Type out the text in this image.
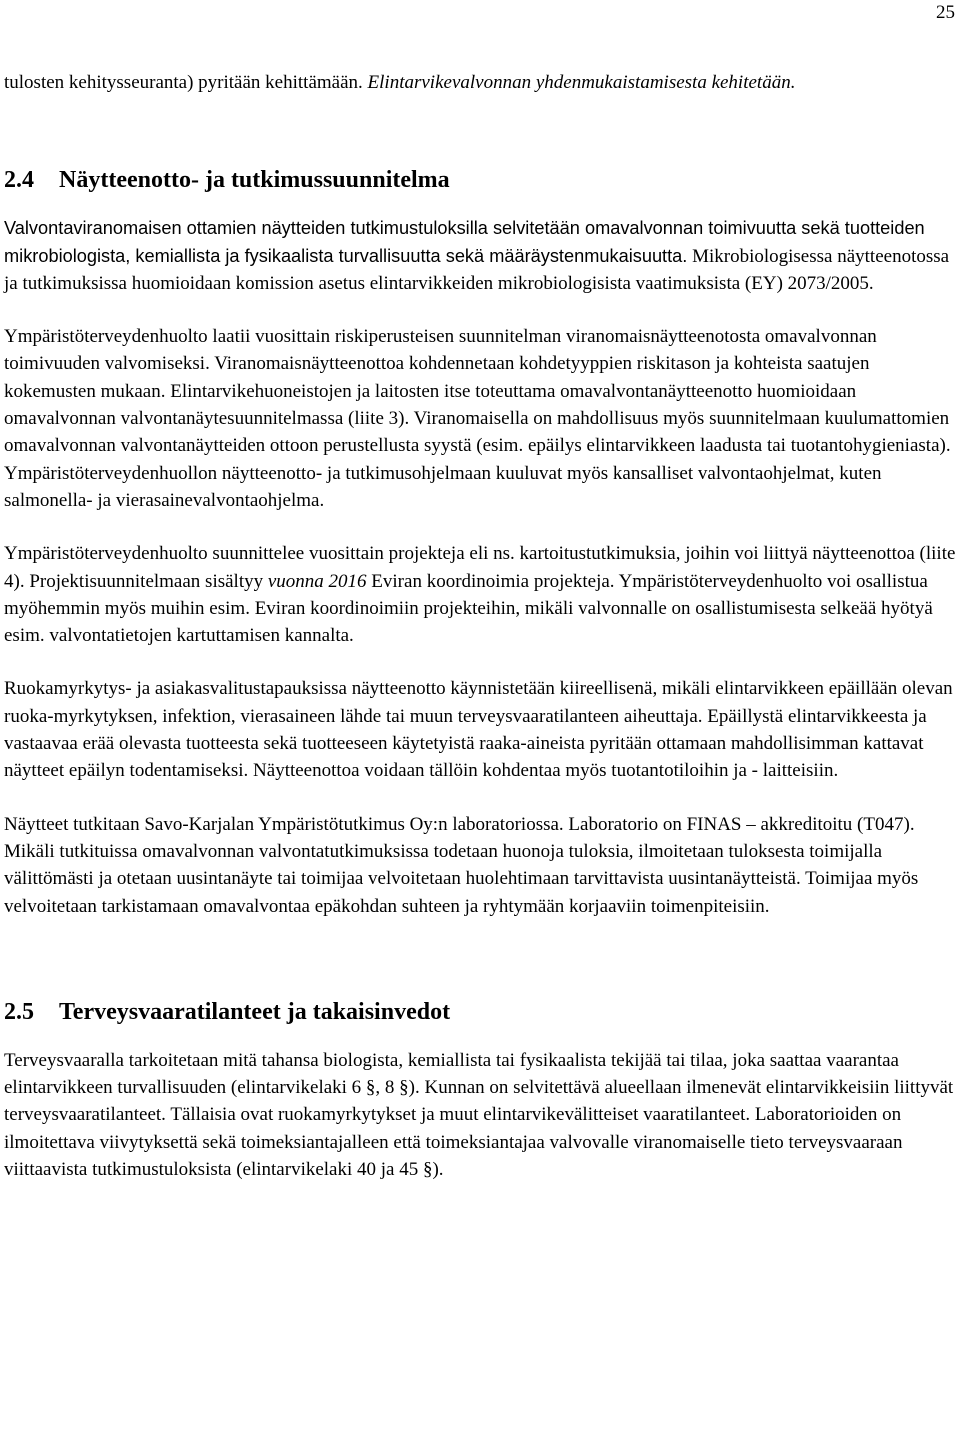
25

tulosten kehitysseuranta) pyritään kehittämään. Elintarvikevalvonnan yhdenmukaistamisesta kehitetään.

2.4 Näytteenotto- ja tutkimussuunnitelma

Valvontaviranomaisen ottamien näytteiden tutkimustuloksilla selvitetään omavalvonnan toimivuutta sekä tuotteiden mikrobiologista, kemiallista ja fysikaalista turvallisuutta sekä määräystenmukaisuutta. Mikrobiologisessa näytteenotossa ja tutkimuksissa huomioidaan komission asetus elintarvikkeiden mikrobiologisista vaatimuksista (EY) 2073/2005.

Ympäristöterveydenhuolto laatii vuosittain riskiperusteisen suunnitelman viranomaisnäytteenotosta omavalvonnan toimivuuden valvomiseksi. Viranomaisnäytteenottoa kohdennetaan kohdetyyppien riskitason ja kohteista saatujen kokemusten mukaan. Elintarvikehuoneistojen ja laitosten itse toteuttama omavalvontanäytteenotto huomioidaan omavalvonnan valvontanäytesuunnitelmassa (liite 3). Viranomaisella on mahdollisuus myös suunnitelmaan kuulumattomien omavalvonnan valvontanäytteiden ottoon perustellusta syystä (esim. epäilys elintarvikkeen laadusta tai tuotantohygieniasta). Ympäristöterveydenhuollon näytteenotto- ja tutkimusohjelmaan kuuluvat myös kansalliset valvontaohjelmat, kuten salmonella- ja vierasainevalvontaohjelma.

Ympäristöterveydenhuolto suunnittelee vuosittain projekteja eli ns. kartoitustutkimuksia, joihin voi liittyä näytteenottoa (liite 4). Projektisuunnitelmaan sisältyy vuonna 2016 Eviran koordinoimia projekteja. Ympäristöterveydenhuolto voi osallistua myöhemmin myös muihin esim. Eviran koordinoimiin projekteihin, mikäli valvonnalle on osallistumisesta selkeää hyötyä esim. valvontatietojen kartuttamisen kannalta.

Ruokamyrkytys- ja asiakasvalitustapauksissa näytteenotto käynnistetään kiireellisenä, mikäli elintarvikkeen epäillään olevan ruoka-myrkytyksen, infektion, vierasaineen lähde tai muun terveysvaaratilanteen aiheuttaja. Epäillystä elintarvikkeesta ja vastaavaa erää olevasta tuotteesta sekä tuotteeseen käytetyistä raaka-aineista pyritään ottamaan mahdollisimman kattavat näytteet epäilyn todentamiseksi. Näytteenottoa voidaan tällöin kohdentaa myös tuotantotiloihin ja - laitteisiin.

Näytteet tutkitaan Savo-Karjalan Ympäristötutkimus Oy:n laboratoriossa. Laboratorio on FINAS – akkreditoitu (T047). Mikäli tutkituissa omavalvonnan valvontatutkimuksissa todetaan huonoja tuloksia, ilmoitetaan tuloksesta toimijalla välittömästi ja otetaan uusintanäyte tai toimijaa velvoitetaan huolehtimaan tarvittavista uusintanäytteistä. Toimijaa myös velvoitetaan tarkistamaan omavalvontaa epäkohdan suhteen ja ryhtymään korjaaviin toimenpiteisiin.

2.5 Terveysvaaratilanteet ja takaisinvedot

Terveysvaaralla tarkoitetaan mitä tahansa biologista, kemiallista tai fysikaalista tekijää tai tilaa, joka saattaa vaarantaa elintarvikkeen turvallisuuden (elintarvikelaki 6 §, 8 §). Kunnan on selvitettävä alueellaan ilmenevät elintarvikkeisiin liittyvät terveysvaaratilanteet. Tällaisia ovat ruokamyrkytykset ja muut elintarvikevälitteiset vaaratilanteet. Laboratorioiden on ilmoitettava viivytyksettä sekä toimeksiantajalleen että toimeksiantajaa valvovalle viranomaiselle tieto terveysvaaraan viittaavista tutkimustuloksista (elintarvikelaki 40 ja 45 §).
